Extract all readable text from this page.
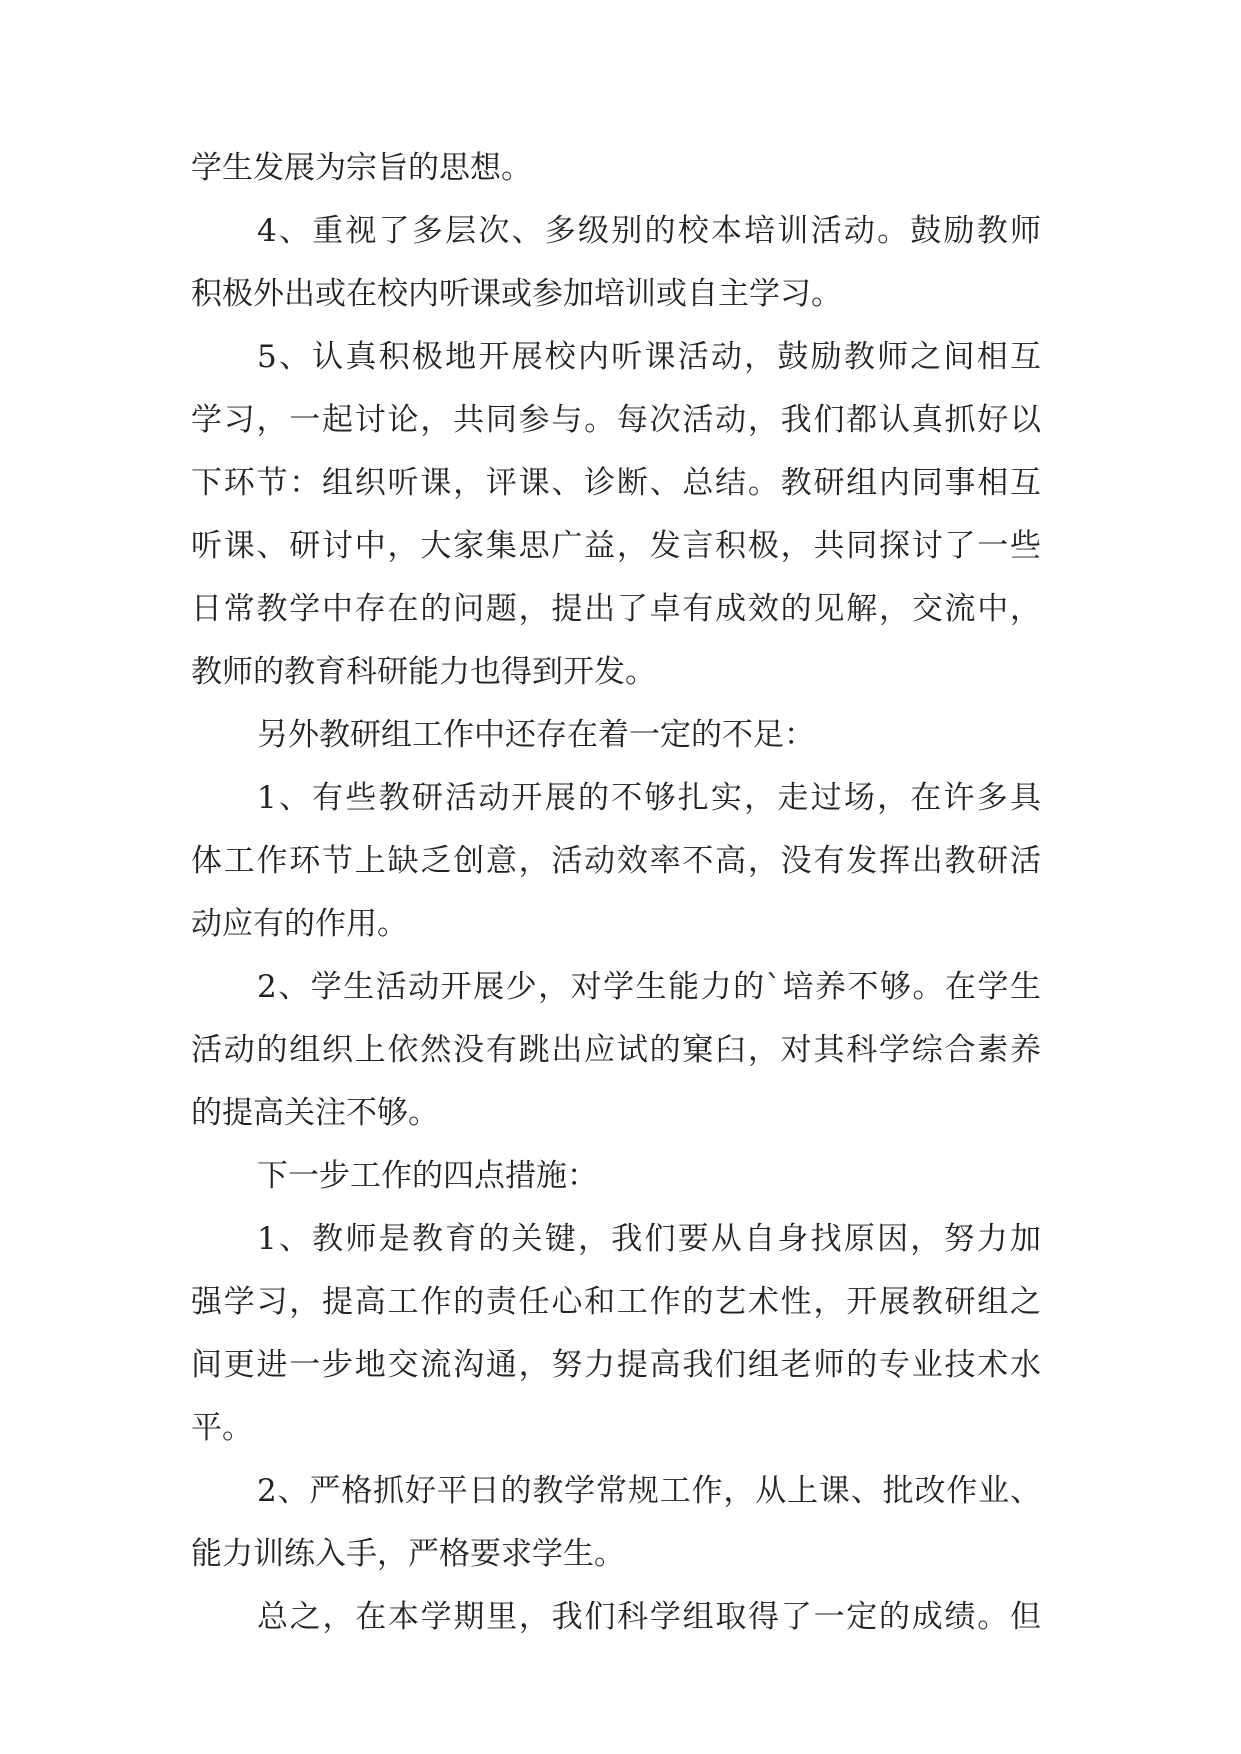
学生发展为宗旨的思想。

4、重视了多层次、多级别的校本培训活动。鼓励教师

积极外出或在校内听课或参加培训或自主学习。

5、认真积极地开展校内听课活动，鼓励教师之间相互

学习，一起讨论，共同参与。每次活动，我们都认真抓好以

下环节：组织听课，评课、诊断、总结。教研组内同事相互

听课、研讨中，大家集思广益，发言积极，共同探讨了一些

日常教学中存在的问题，提出了卓有成效的见解，交流中，

教师的教育科研能力也得到开发。

另外教研组工作中还存在着一定的不足：

1、有些教研活动开展的不够扎实，走过场，在许多具

体工作环节上缺乏创意，活动效率不高，没有发挥出教研活

动应有的作用。

2、学生活动开展少，对学生能力的`培养不够。在学生

活动的组织上依然没有跳出应试的窠臼，对其科学综合素养

的提高关注不够。

下一步工作的四点措施：

1、教师是教育的关键，我们要从自身找原因，努力加

强学习，提高工作的责任心和工作的艺术性，开展教研组之

间更进一步地交流沟通，努力提高我们组老师的专业技术水

平。

2、严格抓好平日的教学常规工作，从上课、批改作业、

能力训练入手，严格要求学生。

总之，在本学期里，我们科学组取得了一定的成绩。但
